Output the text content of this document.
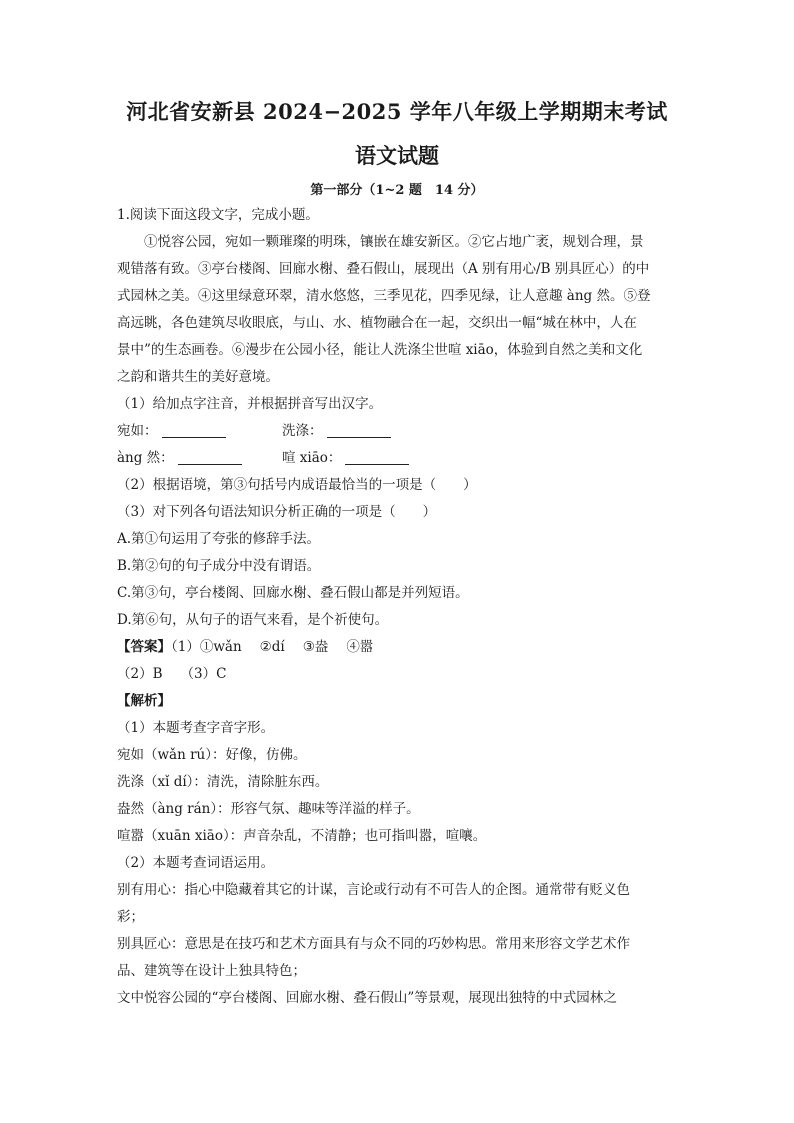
河北省安新县 2024−2025 学年八年级上学期期末考试
语文试题
第一部分（1~2 题　14 分）
1.阅读下面这段文字，完成小题。
①悦容公园，宛如一颗璀璨的明珠，镶嵌在雄安新区。②它占地广袤，规划合理，景
观错落有致。③亭台楼阁、回廊水榭、叠石假山，展现出（A 别有用心/B 别具匠心）的中
式园林之美。④这里绿意环翠，清水悠悠，三季见花，四季见绿，让人意趣 àng 然。⑤登
高远眺，各色建筑尽收眼底，与山、水、植物融合在一起，交织出一幅“城在林中，人在
景中”的生态画卷。⑥漫步在公园小径，能让人洗涤尘世喧 xiāo，体验到自然之美和文化
之韵和谐共生的美好意境。
（1）给加点字注音，并根据拼音写出汉字。
宛如：	洗涤：
àng 然：	喧 xiāo：
（2）根据语境，第③句括号内成语最恰当的一项是（　　）
（3）对下列各句语法知识分析正确的一项是（　　）
A.第①句运用了夸张的修辞手法。
B.第②句的句子成分中没有谓语。
C.第③句，亭台楼阁、回廊水榭、叠石假山都是并列短语。
D.第⑥句，从句子的语气来看，是个祈使句。
【答案】（1）①wǎn ②dí ③盎 ④嚣
（2）B （3）C
【解析】
（1）本题考查字音字形。
宛如（wǎn rú）：好像，仿佛。
洗涤（xǐ dí）：清洗，清除脏东西。
盎然（àng rán）：形容气氛、趣味等洋溢的样子。
喧嚣（xuān xiāo）：声音杂乱，不清静；也可指叫嚣，喧嚷。
（2）本题考查词语运用。
别有用心：指心中隐藏着其它的计谋，言论或行动有不可告人的企图。通常带有贬义色
彩；
别具匠心：意思是在技巧和艺术方面具有与众不同的巧妙构思。常用来形容文学艺术作
品、建筑等在设计上独具特色；
文中悦容公园的“亭台楼阁、回廊水榭、叠石假山”等景观，展现出独特的中式园林之
